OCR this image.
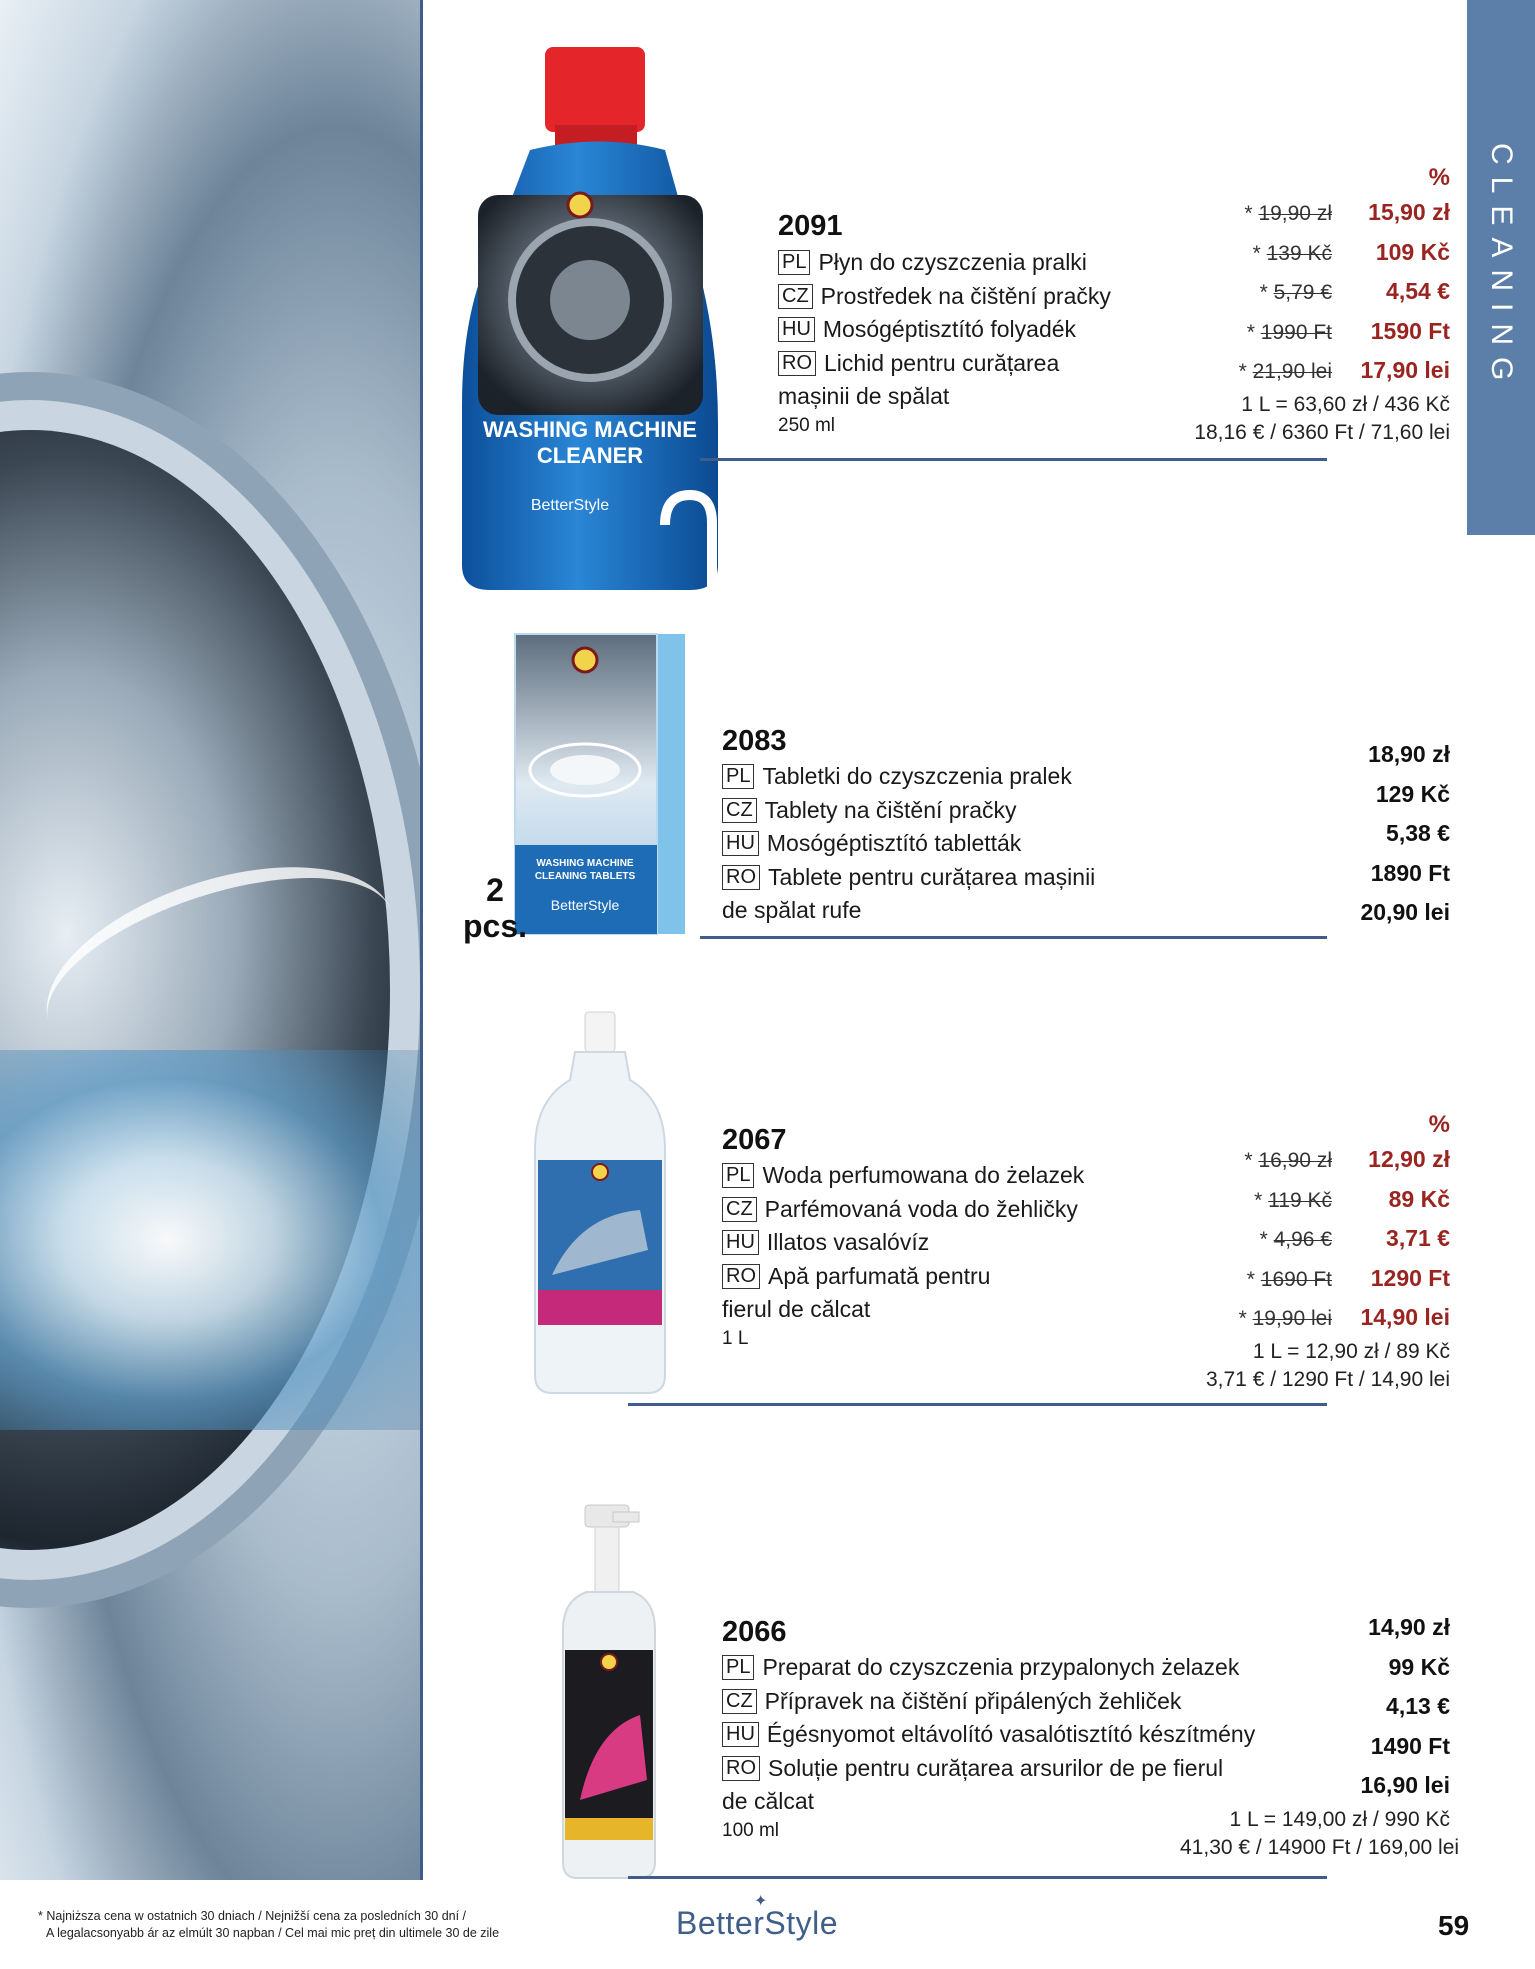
CLEANING
WASHING MACHINE
CLEANER
BetterStyle
WASHING MACHINE
CLEANING TABLETS
BetterStyle
2
pcs.
2091
PL Płyn do czyszczenia pralki
CZ Prostředek na čištění pračky
HU Mosógéptisztító folyadék
RO Lichid pentru curățarea
mașinii de spălat
250 ml
%
* 19,90 zł 15,90 zł
* 139 Kč 109 Kč
* 5,79 € 4,54 €
* 1990 Ft 1590 Ft
* 21,90 lei 17,90 lei
1 L = 63,60 zł / 436 Kč
18,16 € / 6360 Ft / 71,60 lei
2083
PL Tabletki do czyszczenia pralek
CZ Tablety na čištění pračky
HU Mosógéptisztító tabletták
RO Tablete pentru curățarea mașinii
de spălat rufe
18,90 zł
129 Kč
5,38 €
1890 Ft
20,90 lei
2067
PL Woda perfumowana do żelazek
CZ Parfémovaná voda do žehličky
HU Illatos vasalóvíz
RO Apă parfumată pentru
fierul de călcat
1 L
%
* 16,90 zł 12,90 zł
* 119 Kč 89 Kč
* 4,96 € 3,71 €
* 1690 Ft 1290 Ft
* 19,90 lei 14,90 lei
1 L = 12,90 zł / 89 Kč
3,71 € / 1290 Ft / 14,90 lei
2066
PL Preparat do czyszczenia przypalonych żelazek
CZ Přípravek na čištění připálených žehliček
HU Égésnyomot eltávolító vasalótisztító készítmény
RO Soluție pentru curățarea arsurilor de pe fierul
de călcat
100 ml
14,90 zł
99 Kč
4,13 €
1490 Ft
16,90 lei
1 L = 149,00 zł / 990 Kč
41,30 € / 14900 Ft / 169,00 lei
* Najniższa cena w ostatnich 30 dniach / Nejnižší cena za posledních 30 dní /
A legalacsonyabb ár az elmúlt 30 napban / Cel mai mic preț din ultimele 30 de zile
✦
BetterStyle	59
